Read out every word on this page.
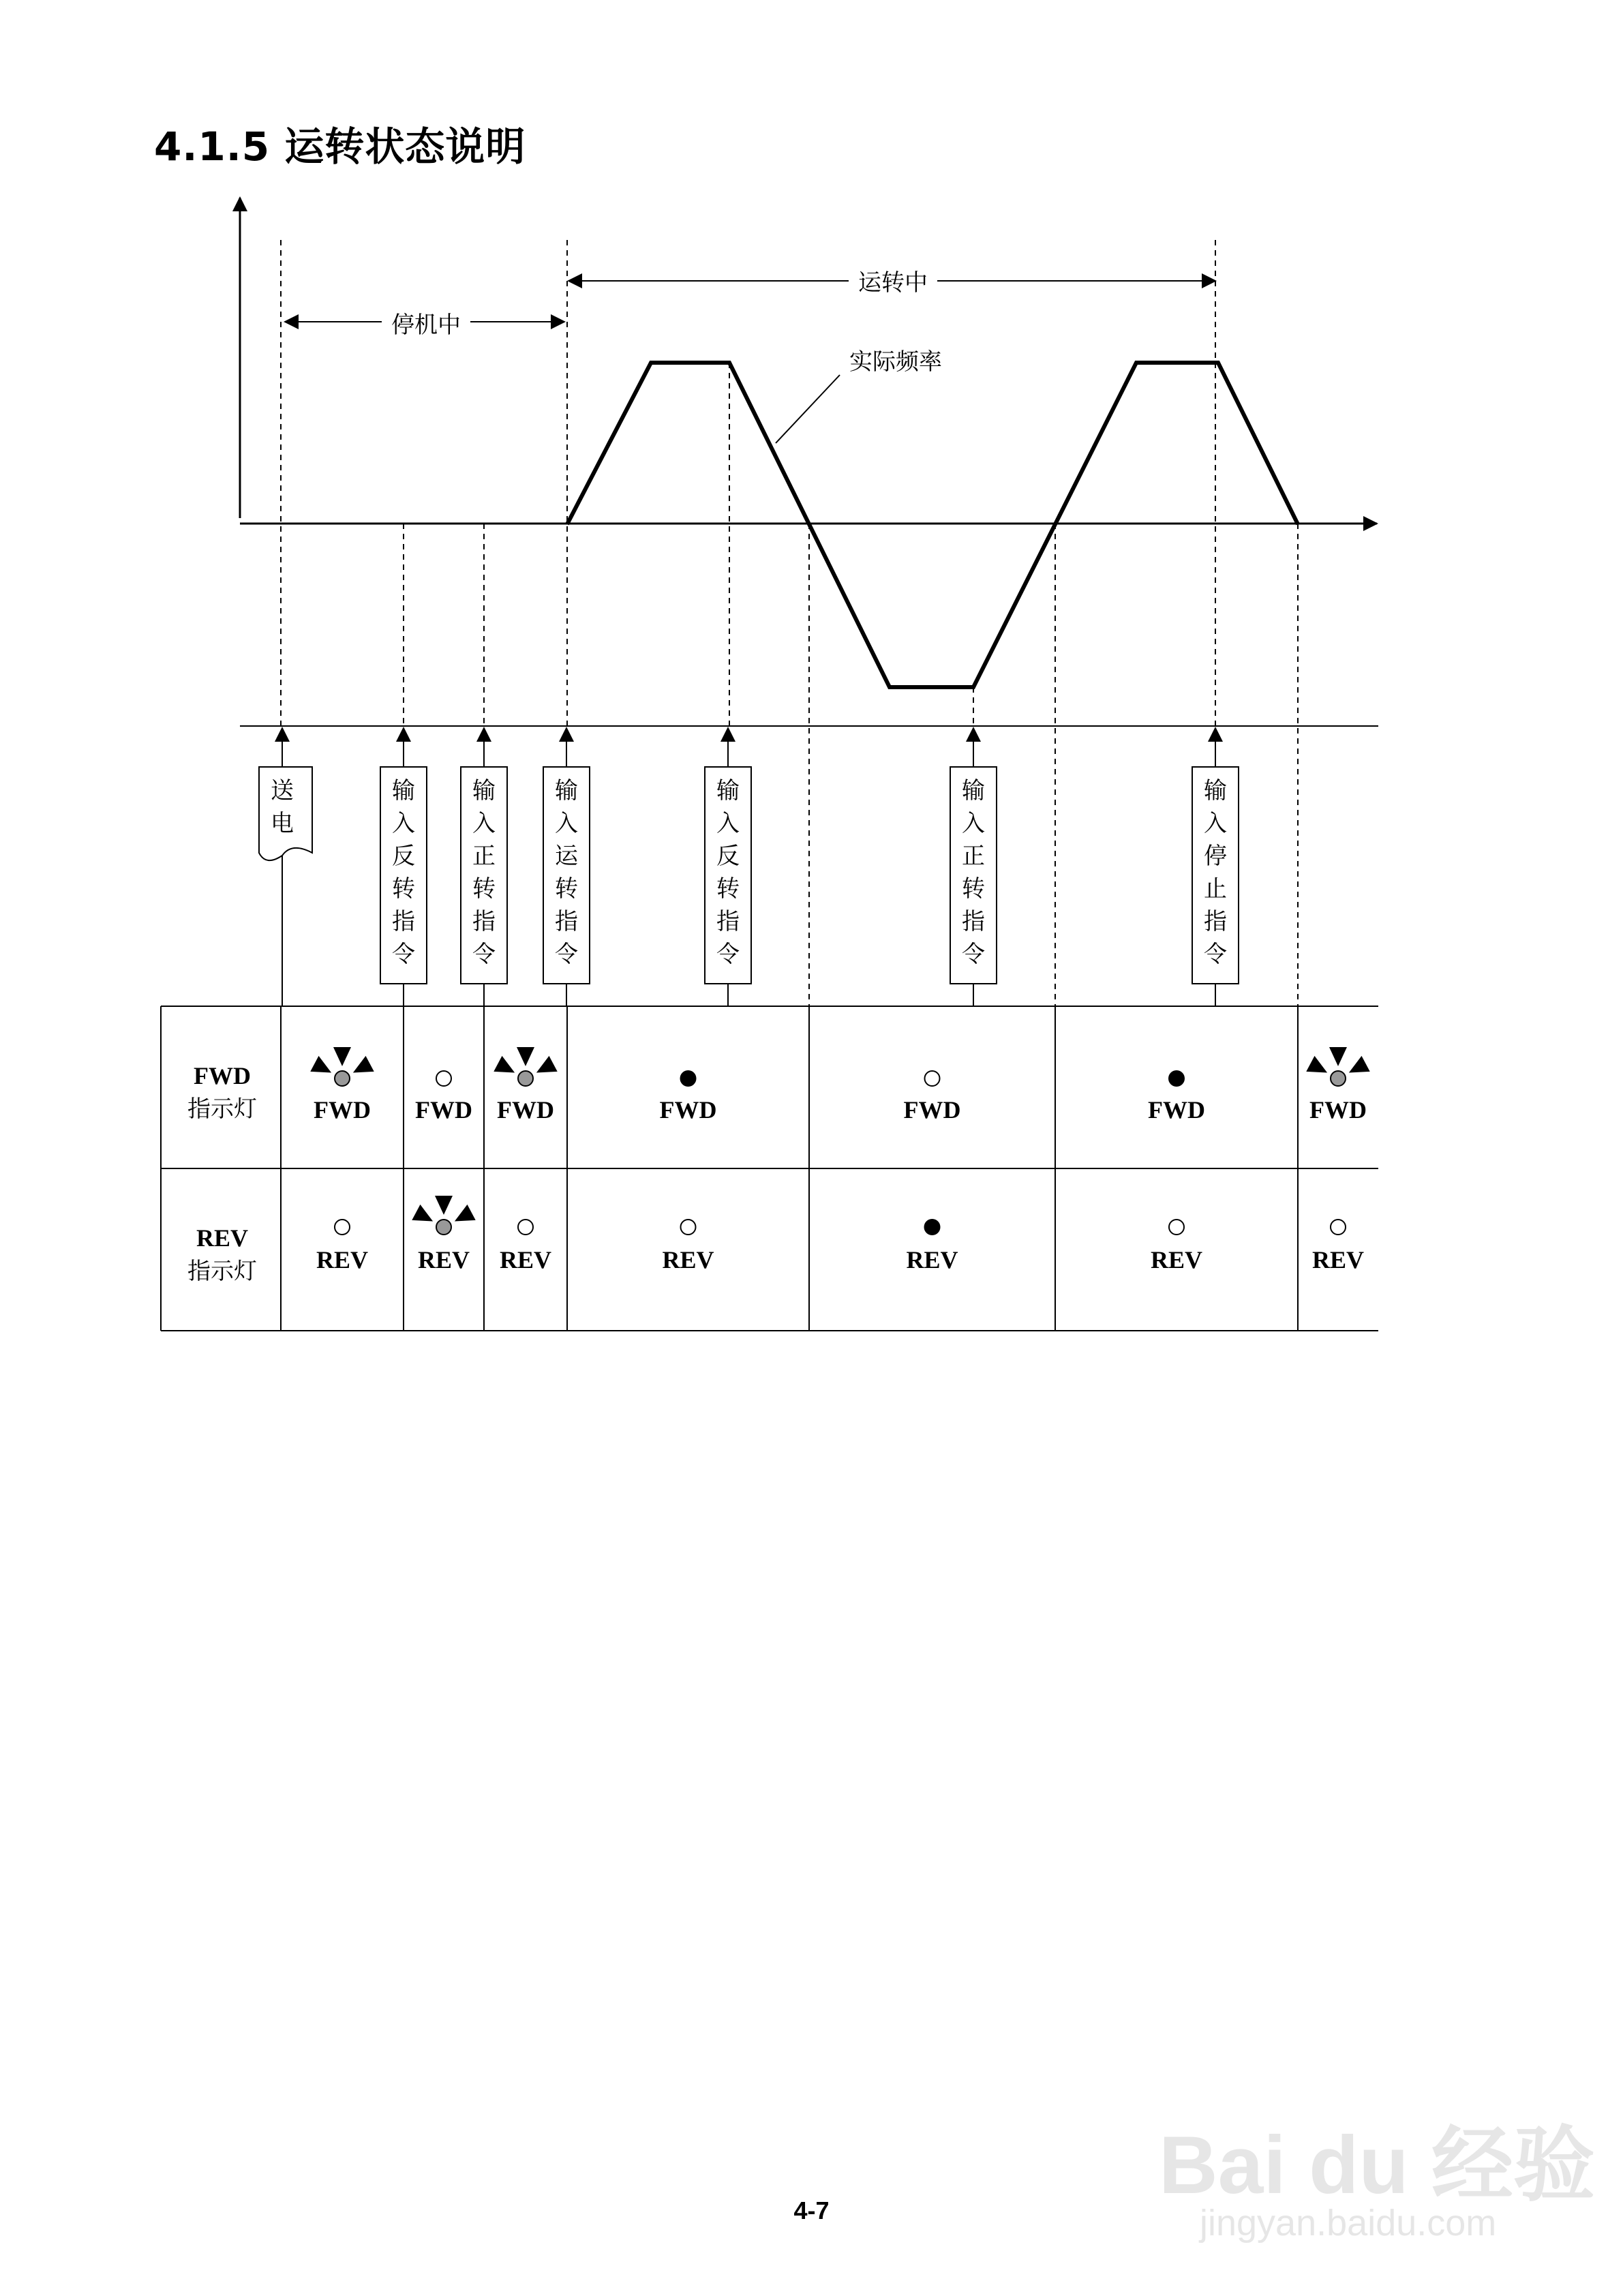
4.1.5 运转状态说明
停机中
运转中
实际频率
送
电
输
入
反
转
指
令
输
入
正
转
指
令
输
入
运
转
指
令
输
入
反
转
指
令
输
入
正
转
指
令
输
入
停
止
指
令
FWD
指示灯
REV
指示灯
FWD FWD FWD	FWD	FWD	FWD	FWD
REV REV REV	REV	REV	REV	REV
4-7	Bai du 经验
jingyan.baidu.com
